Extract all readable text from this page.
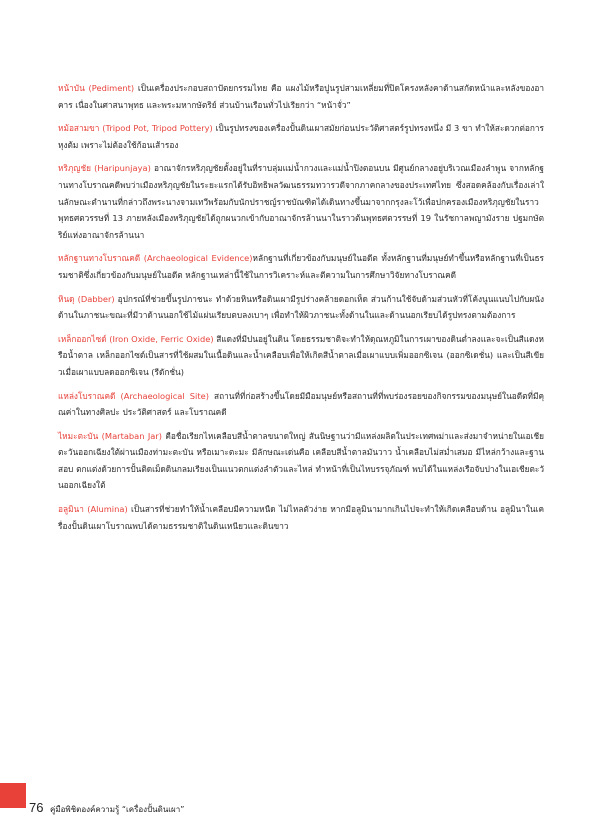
หน้าบัน (Pediment) เป็นเครื่องประกอบสถาปัตยกรรมไทย คือ แผงไม้หรือปูนรูปสามเหลี่ยมที่ปิดโครงหลังคาด้านสกัดหน้าและหลังของอาคาร เนื่องในศาสนาพุทธ และพระมหากษัตริย์ ส่วนบ้านเรือนทั่วไปเรียกว่า “หน้าจั่ว”

หม้อสามขา (Tripod Pot, Tripod Pottery) เป็นรูปทรงของเครื่องปั้นดินเผาสมัยก่อนประวัติศาสตร์รูปทรงหนึ่ง มี 3 ขา ทำให้สะดวกต่อการหุงต้ม เพราะไม่ต้องใช้ก้อนเส้ารอง

หริภุญชัย (Haripunjaya) อาณาจักรหริภุญชัยตั้งอยู่ในที่ราบลุ่มแม่น้ำกวงและแม่น้ำปิงตอนบน มีศูนย์กลางอยู่บริเวณเมืองลำพูน จากหลักฐานทางโบราณคดีพบว่าเมืองหริภุญชัยในระยะแรกได้รับอิทธิพลวัฒนธรรมทวารวดีจากภาคกลางของประเทศไทย ซึ่งสอดคล้องกับเรื่องเล่าในลักษณะตำนานที่กล่าวถึงพระนางจามเทวีพร้อมกับนักปราชญ์ราชบัณฑิตได้เดินทางขึ้นมาจากกรุงละโว้เพื่อปกครองเมืองหริภุญชัยในราวพุทธศตวรรษที่ 13 ภายหลังเมืองหริภุญชัยได้ถูกผนวกเข้ากับอาณาจักรล้านนาในราวต้นพุทธศตวรรษที่ 19 ในรัชกาลพญามังราย ปฐมกษัตริย์แห่งอาณาจักรล้านนา

หลักฐานทางโบราณคดี (Archaeological Evidence)หลักฐานที่เกี่ยวข้องกับมนุษย์ในอดีต ทั้งหลักฐานที่มนุษย์ทำขึ้นหรือหลักฐานที่เป็นธรรมชาติซึ่งเกี่ยวข้องกับมนุษย์ในอดีต หลักฐานเหล่านี้ใช้ในการวิเคราะห์และตีความในการศึกษาวิจัยทางโบราณคดี

หินดุ (Dabber) อุปกรณ์ที่ช่วยขึ้นรูปภาชนะ ทำด้วยหินหรือดินเผามีรูปร่างคล้ายดอกเห็ด ส่วนก้านใช้จับด้ามส่วนหัวที่โค้งนูนแนบไปกับผนังด้านในภาชนะขณะที่มีวาด้านนอกใช้ไม้แผ่นเรียบตบลงเบาๆ เพื่อทำให้ผิวภาชนะทั้งด้านในและด้านนอกเรียบได้รูปทรงตามต้องการ

เหล็กออกไซด์ (Iron Oxide, Ferric Oxide) สีแดงที่มีปนอยู่ในดิน โดยธรรมชาติจะทำให้ดุณหภูมิในการเผาของดินต่ำลงและจะเป็นสีแดงหรือน้ำตาล เหล็กออกไซด์เป็นสารที่ใช้ผสมในเนื้อดินและน้ำเคลือบเพื่อให้เกิดสีน้ำตาลเมื่อเผาแบบเพิ่มออกซิเจน (ออกซิเดชั่น) และเป็นสีเขียวเมื่อเผาแบบลดออกซิเจน (รีดักชั่น)

แหล่งโบราณคดี (Archaeological Site) สถานที่ที่ก่อสร้างขึ้นโดยมีมือมนุษย์หรือสถานที่ที่พบร่องรอยของกิจกรรมของมนุษย์ในอดีตที่มีคุณค่าในทางศิลปะ ประวัติศาสตร์ และโบราณคดี

ไหมะตะบัน (Martaban Jar) คือชื่อเรียกไหเคลือบสีน้ำตาลขนาดใหญ่ สันนิษฐานว่ามีแหล่งผลิตในประเทศพม่าและส่งมาจำหน่ายในเอเชียตะวันออกเฉียงใต้ผ่านเมืองท่ามะตะบัน หรือเมาะตะมะ มีลักษณะเด่นคือ เคลือบสีน้ำตาลมันวาว น้ำเคลือบไม่สม่ำเสมอ มีไหล่กว้างและฐานสอบ ตกแต่งด้วยการปั้นติดเม็ดดินกลมเรียงเป็นแนวตกแต่งลำตัวและไหล่ ทำหน้าที่เป็นไหบรรจุภัณฑ์ พบได้ในแหล่งเรือจับปางในเอเชียตะวันออกเฉียงใต้

อลูมินา (Alumina) เป็นสารที่ช่วยทำให้น้ำเคลือบมีความหนืด ไม่ไหลตัวง่าย หากมีอลูมินามากเกินไปจะทำให้เกิดเคลือบด้าน อลูมินาในเครื่องปั้นดินเผาโบราณพบได้ตามธรรมชาติในดินเหนียวและดินขาว

76 คู่มือพิชิตองค์ความรู้ “เครื่องปั้นดินเผา”
